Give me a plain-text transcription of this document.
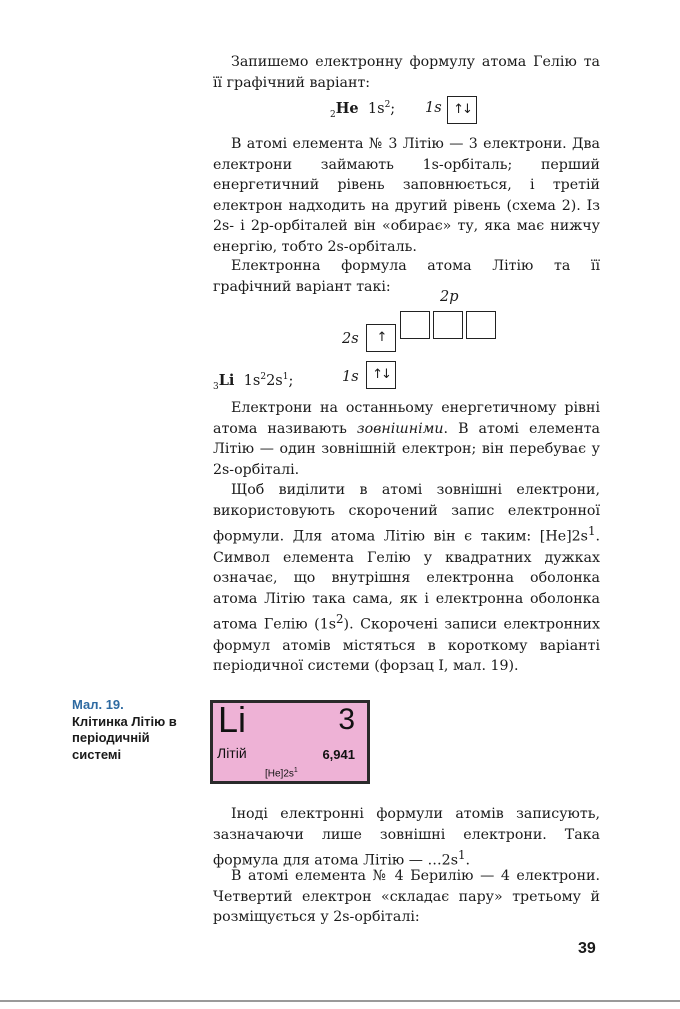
Запишемо електронну формулу атома Гелію та її графічний варіант:

$_2$He $1s^2$; 1s ↑↓

В атомі елемента № 3 Літію — 3 електрони. Два електрони займають 1s-орбіталь; перший енергетичний рівень заповнюється, і третій електрон надходить на другий рівень (схема 2). Із 2s- і 2p-орбіталей він «обирає» ту, яка має нижчу енергію, тобто 2s-орбіталь.

Електронна формула атома Літію та її графічний варіант такі:

2p
2s	↑
1s	↑↓
$_3$Li $1s^22s^1$;

Електрони на останньому енергетичному рівні атома називають зовнішніми. В атомі елемента Літію — один зовнішній електрон; він перебуває у 2s-орбіталі.

Щоб виділити в атомі зовнішні електрони, використовують скорочений запис електронної формули. Для атома Літію він є таким: $[He]2s^1$. Символ елемента Гелію у квадратних дужках означає, що внутрішня електронна оболонка атома Літію така сама, як і електронна оболонка атома Гелію $(1s^2)$. Скорочені записи електронних формул атомів містяться в короткому варіанті періодичної системи (форзац І, мал. 19).

Мал. 19.
Клітинка Літію в періодичній системі
Li	3
Літій	6,941
$[He]2s^1$

Іноді електронні формули атомів записують, зазначаючи лише зовнішні електрони. Така формула для атома Літію — $\dots 2s^1$.

В атомі елемента № 4 Берилію — 4 електрони. Четвертий електрон «складає пару» третьому й розміщується у 2s-орбіталі:

39
